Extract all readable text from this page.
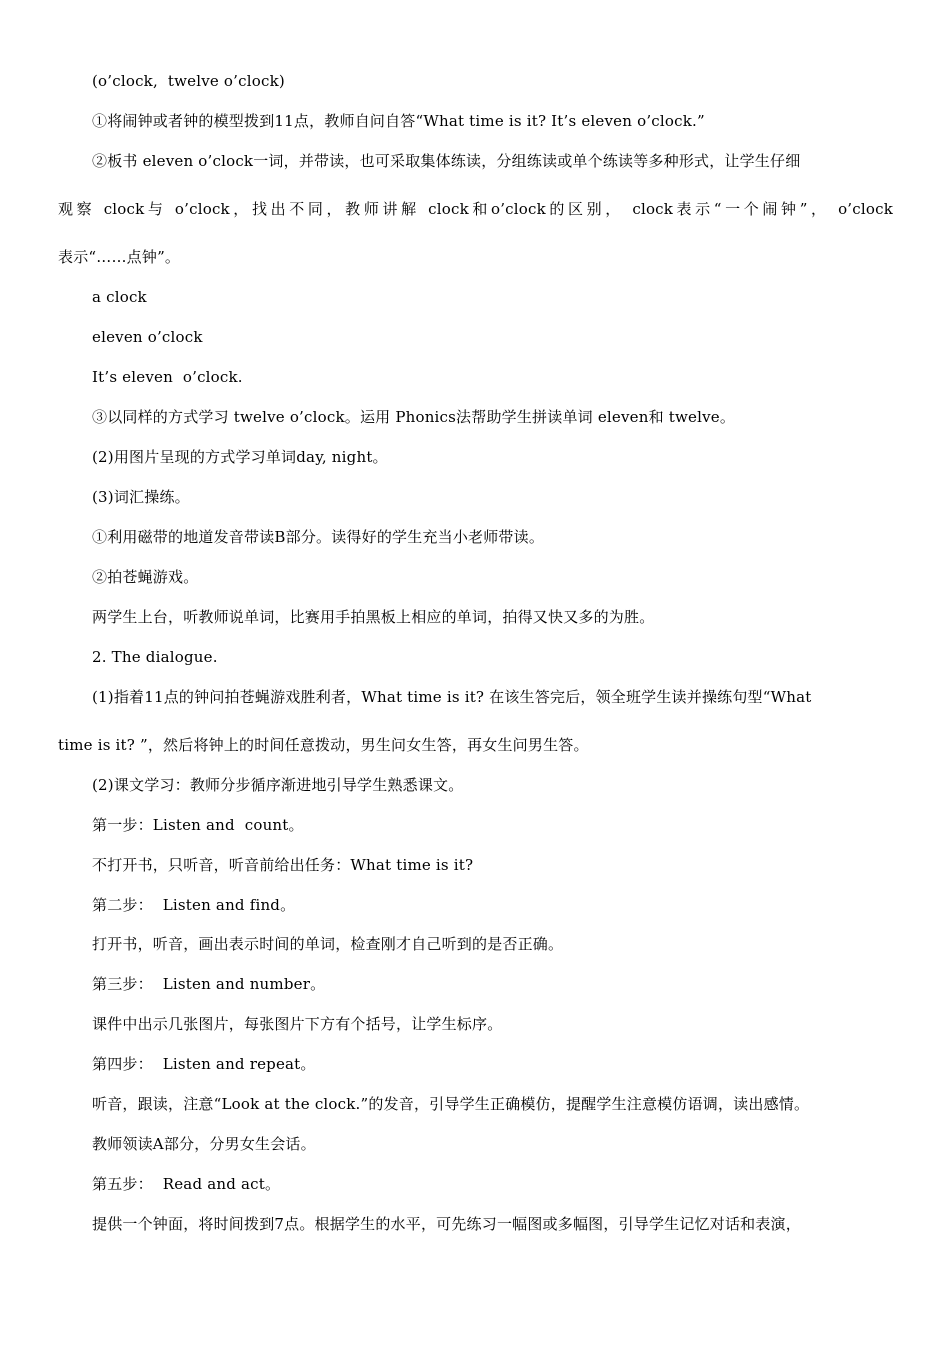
(o’clock,  twelve o’clock)
①将闹钟或者钟的模型拨到11点，教师自问自答“What time is it? It’s eleven o’clock.”
②板书 eleven o’clock一词，并带读，也可采取集体练读，分组练读或单个练读等多种形式，让学生仔细
观察 clock与 o’clock，找出不同，教师讲解 clock和o’clock的区别， clock表示“一个闹钟”， o’clock
表示“……点钟”。
a clock
eleven o’clock
It’s eleven  o’clock.
③以同样的方式学习 twelve o’clock。运用 Phonics法帮助学生拼读单词 eleven和 twelve。
(2)用图片呈现的方式学习单词day, night。
(3)词汇操练。
①利用磁带的地道发音带读B部分。读得好的学生充当小老师带读。
②拍苍蝇游戏。
两学生上台，听教师说单词，比赛用手拍黑板上相应的单词，拍得又快又多的为胜。
2. The dialogue.
(1)指着11点的钟问拍苍蝇游戏胜利者，What time is it? 在该生答完后，领全班学生读并操练句型“What
time is it? ”，然后将钟上的时间任意拨动，男生问女生答，再女生问男生答。
(2)课文学习：教师分步循序渐进地引导学生熟悉课文。
第一步：Listen and  count。
不打开书，只听音，听音前给出任务：What time is it?
第二步：  Listen and find。
打开书，听音，画出表示时间的单词，检查刚才自己听到的是否正确。
第三步：  Listen and number。
课件中出示几张图片，每张图片下方有个括号，让学生标序。
第四步：  Listen and repeat。
听音，跟读，注意“Look at the clock.”的发音，引导学生正确模仿，提醒学生注意模仿语调，读出感情。
教师领读A部分，分男女生会话。
第五步：  Read and act。
提供一个钟面，将时间拨到7点。根据学生的水平，可先练习一幅图或多幅图，引导学生记忆对话和表演，
